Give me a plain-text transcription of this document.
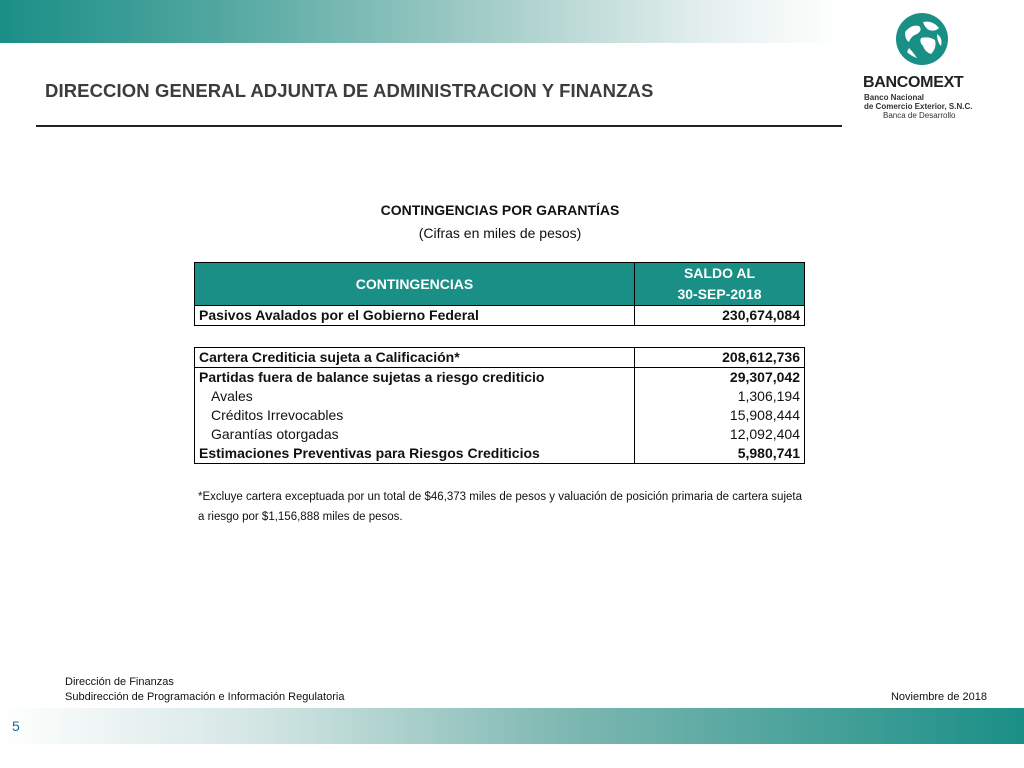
DIRECCION GENERAL ADJUNTA DE ADMINISTRACION Y FINANZAS	BANCOMEXT
Banco Nacional
de Comercio Exterior, S.N.C.
Banca de Desarrollo
CONTINGENCIAS POR GARANTÍAS
(Cifras en miles de pesos)
CONTINGENCIAS	SALDO AL
	30-SEP-2018
Pasivos Avalados por el Gobierno Federal	230,674,084
Cartera Crediticia sujeta a Calificación*	208,612,736
Partidas fuera de balance sujetas a riesgo crediticio	29,307,042
Avales	1,306,194
Créditos Irrevocables	15,908,444
Garantías otorgadas	12,092,404
Estimaciones Preventivas para Riesgos Crediticios	5,980,741
*Excluye cartera exceptuada por un total de $46,373 miles de pesos y valuación de posición primaria de cartera sujeta a riesgo por $1,156,888 miles de pesos.
Dirección de Finanzas
Subdirección de Programación e Información Regulatoria	Noviembre de 2018
5
